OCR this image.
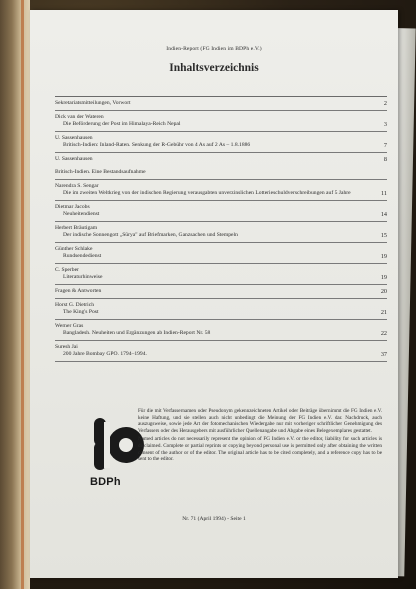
Indien-Report (FG Indien im BDPh e.V.)
Inhaltsverzeichnis
Sekretariatsmitteilungen, Vorwort	2
Dick van der Wateren
Die Beförderung der Post im Himalaya-Reich Nepal	3
U. Sassenhausen
Britisch-Indien: Inland-Raten. Senkung der R-Gebühr von 4 As auf 2 As – 1.8.1886	7
U. Sassenhausen	8
Britisch-Indien. Eine Bestandsaufnahme
Narendra S. Sengar
Die im zweiten Weltkrieg von der indischen Regierung verausgabten unverzinslichen Lotterieschuldverschreibungen auf 5 Jahre	11
Dietmar Jacobs
Neuheitendienst	14
Herbert Bräutigam
Der indische Sonnengott „Sūrya" auf Briefmarken, Ganzsachen und Stempeln	15
Günther Schlake
Rundsendedienst	19
C. Sperber
Literaturhinweise	19
Fragen & Antworten	20
Horst G. Dietrich
The King's Post	21
Werner Gras
Bangladesh. Neuheiten und Ergänzungen ab Indien-Report Nr. 58	22
Suresh Jai
200 Jahre Bombay GPO. 1794–1994.	37
BDPh

Für die mit Verfassernamen oder Pseudonym gekennzeichneten Artikel oder Beiträge übernimmt die FG Indien e.V. keine Haftung, und sie stellen auch nicht unbedingt die Meinung der FG Indien e.V. dar. Nachdruck, auch auszugsweise, sowie jede Art der fotomechanischen Wiedergabe nur mit vorheriger schriftlicher Genehmigung des Verfassers oder des Herausgebers mit ausführlicher Quellenangabe und Abgabe eines Belegexemplares gestattet.

Named articles do not necessarily represent the opinion of FG Indien e.V. or the editor, liability for such articles is disclaimed. Complete or partial reprints or copying beyond personal use is permitted only after obtaining the written consent of the author or of the editor. The original article has to be cited completely, and a reference copy has to be sent to the editor.

Nr. 71 (April 1994) - Seite 1
